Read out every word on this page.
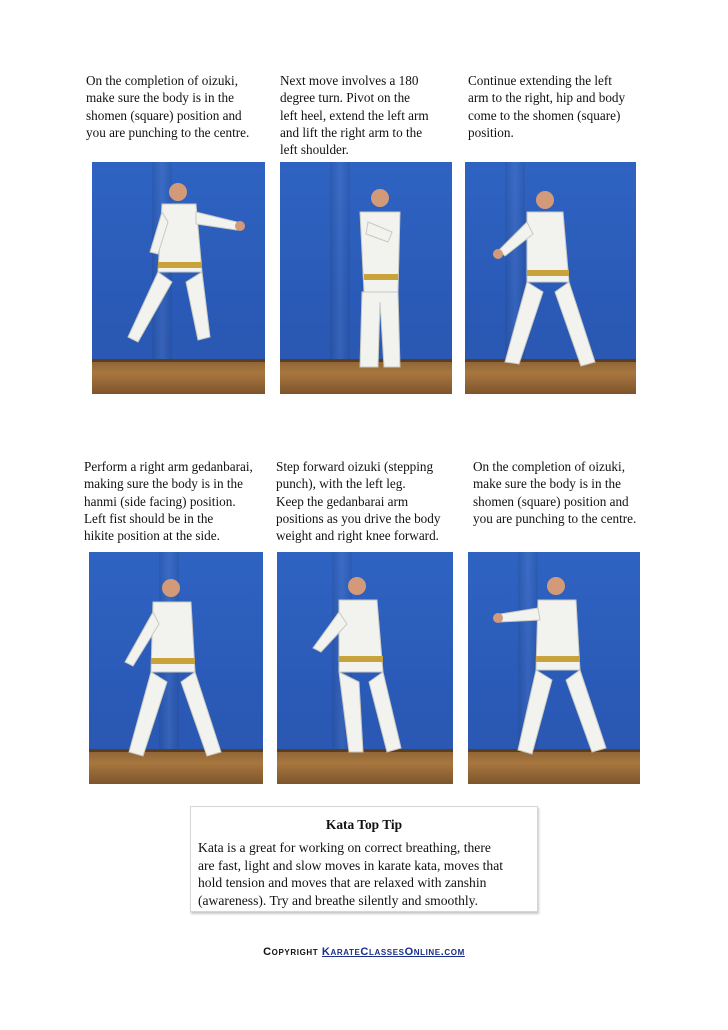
On the completion of oizuki,
make sure the body is in the
shomen (square) position and
you are punching to the centre.
Next move involves a 180
degree turn. Pivot on the
left heel, extend the left arm
and lift the right arm to the
left shoulder.
Continue extending the left
arm to the right, hip and body
come to the shomen (square)
position.
Perform a right arm gedanbarai,
making sure the body is in the
hanmi (side facing) position.
Left fist should be in the
hikite position at the side.
Step forward oizuki (stepping
punch), with the left leg.
Keep the gedanbarai arm
positions as you drive the body
weight and right knee forward.
On the completion of oizuki,
make sure the body is in the
shomen (square) position and
you are punching to the centre.
Kata Top Tip
Kata is a great for working on correct breathing, there
are fast, light and slow moves in karate kata, moves that
hold tension and moves that are relaxed with zanshin
(awareness). Try and breathe silently and smoothly.
Copyright KarateClassesOnline.com
